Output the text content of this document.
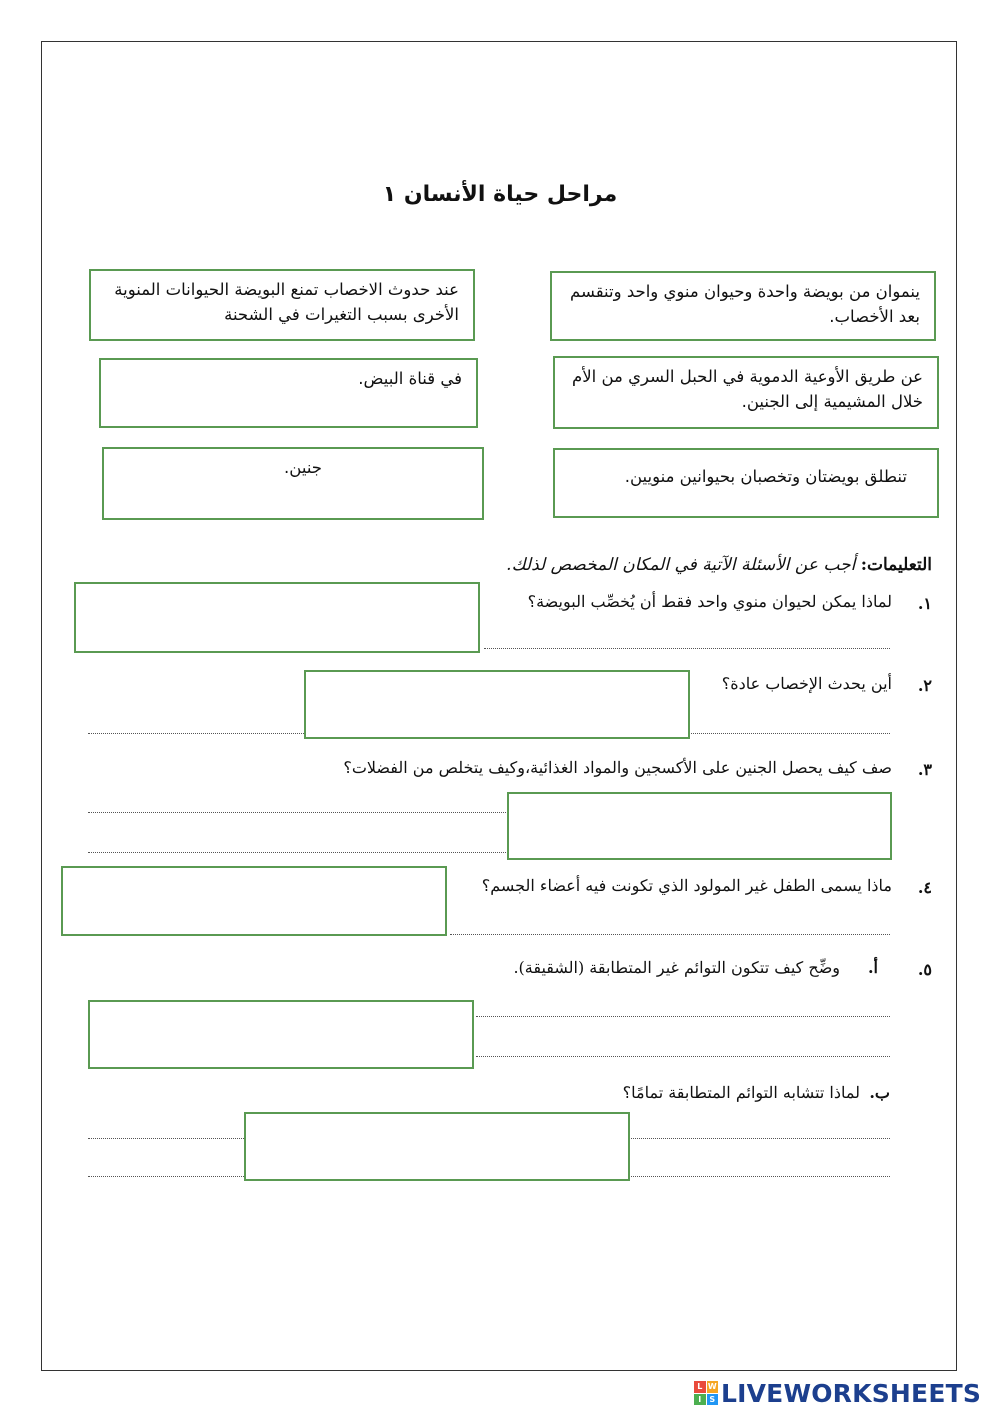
مراحل حياة الأنسان ١
عند حدوث الاخصاب تمنع البويضة الحيوانات المنوية الأخرى بسبب التغيرات في الشحنة
ينموان من بويضة واحدة وحيوان منوي واحد وتنقسم بعد الأخصاب.
في قناة البيض.	عن طريق الأوعية الدموية في الحبل السري من الأم خلال المشيمية إلى الجنين.
جنين.	تنطلق بويضتان وتخصبان بحيوانين منويين.
التعليمات: أجب عن الأسئلة الآتية في المكان المخصص لذلك.
١.
لماذا يمكن لحيوان منوي واحد فقط أن يُخصِّب البويضة؟
٢.
أين يحدث الإخصاب عادة؟
٣.
صف كيف يحصل الجنين على الأكسجين والمواد الغذائية،وكيف يتخلص من الفضلات؟
٤.
ماذا يسمى الطفل غير المولود الذي تكونت فيه أعضاء الجسم؟
٥.
أ.
وضِّح كيف تتكون التوائم غير المتطابقة (الشقيقة).
ب.
لماذا تتشابه التوائم المتطابقة تمامًا؟
L W
I	S LIVEWORKSHEETS
